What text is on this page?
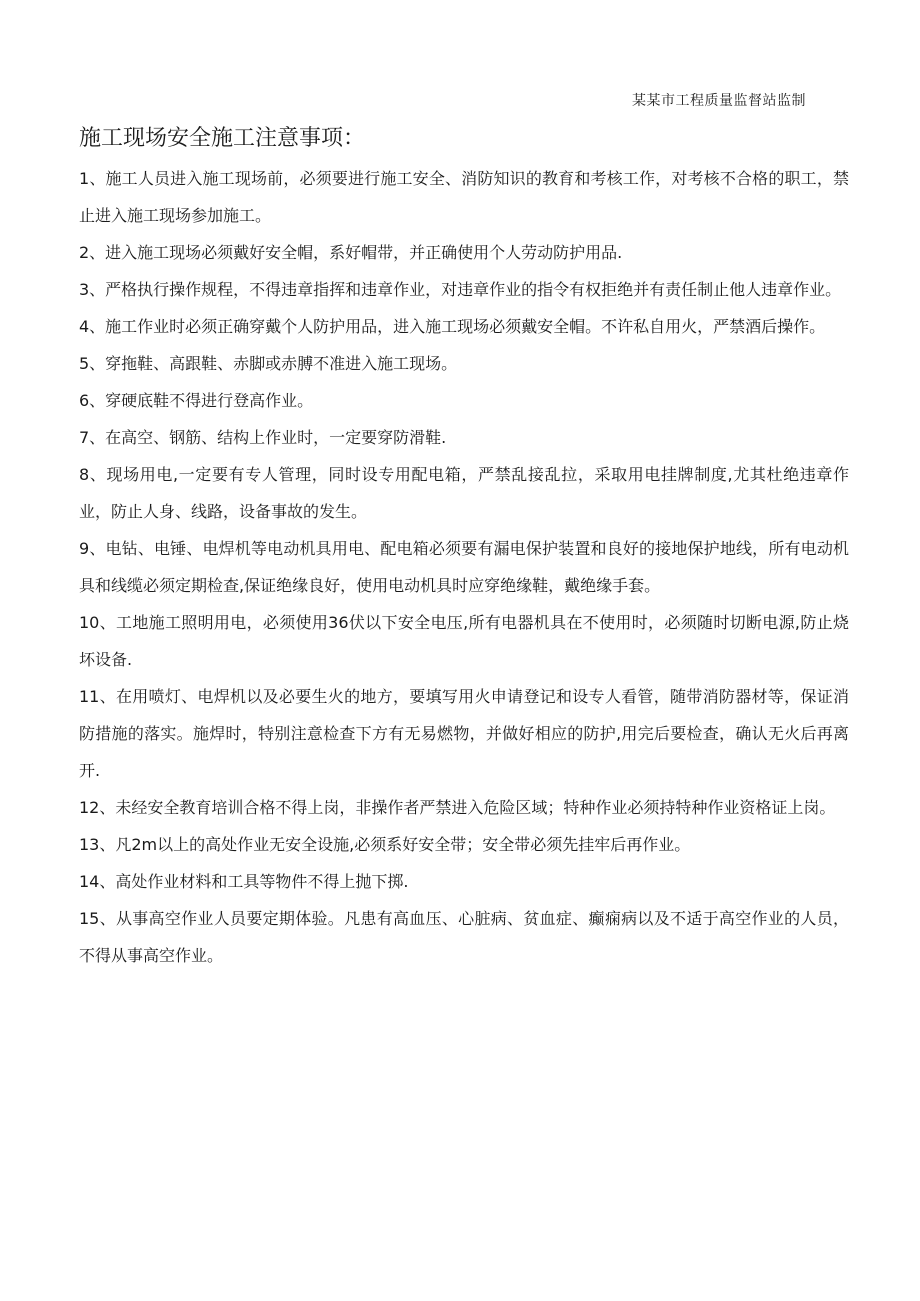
某某市工程质量监督站监制
施工现场安全施工注意事项：
1、施工人员进入施工现场前，必须要进行施工安全、消防知识的教育和考核工作，对考核不合格的职工，禁止进入施工现场参加施工。
2、进入施工现场必须戴好安全帽，系好帽带，并正确使用个人劳动防护用品.
3、严格执行操作规程，不得违章指挥和违章作业，对违章作业的指令有权拒绝并有责任制止他人违章作业。
4、施工作业时必须正确穿戴个人防护用品，进入施工现场必须戴安全帽。不许私自用火，严禁酒后操作。
5、穿拖鞋、高跟鞋、赤脚或赤膊不准进入施工现场。
6、穿硬底鞋不得进行登高作业。
7、在高空、钢筋、结构上作业时，一定要穿防滑鞋.
8、现场用电,一定要有专人管理，同时设专用配电箱，严禁乱接乱拉，采取用电挂牌制度,尤其杜绝违章作业，防止人身、线路，设备事故的发生。
9、电钻、电锤、电焊机等电动机具用电、配电箱必须要有漏电保护装置和良好的接地保护地线，所有电动机具和线缆必须定期检查,保证绝缘良好，使用电动机具时应穿绝缘鞋，戴绝缘手套。
10、工地施工照明用电，必须使用36伏以下安全电压,所有电器机具在不使用时，必须随时切断电源,防止烧坏设备.
11、在用喷灯、电焊机以及必要生火的地方，要填写用火申请登记和设专人看管，随带消防器材等，保证消防措施的落实。施焊时，特别注意检查下方有无易燃物，并做好相应的防护,用完后要检查，确认无火后再离开.
12、未经安全教育培训合格不得上岗，非操作者严禁进入危险区域；特种作业必须持特种作业资格证上岗。
13、凡2m以上的高处作业无安全设施,必须系好安全带；安全带必须先挂牢后再作业。
14、高处作业材料和工具等物件不得上抛下掷.
15、从事高空作业人员要定期体验。凡患有高血压、心脏病、贫血症、癫痫病以及不适于高空作业的人员，不得从事高空作业。
